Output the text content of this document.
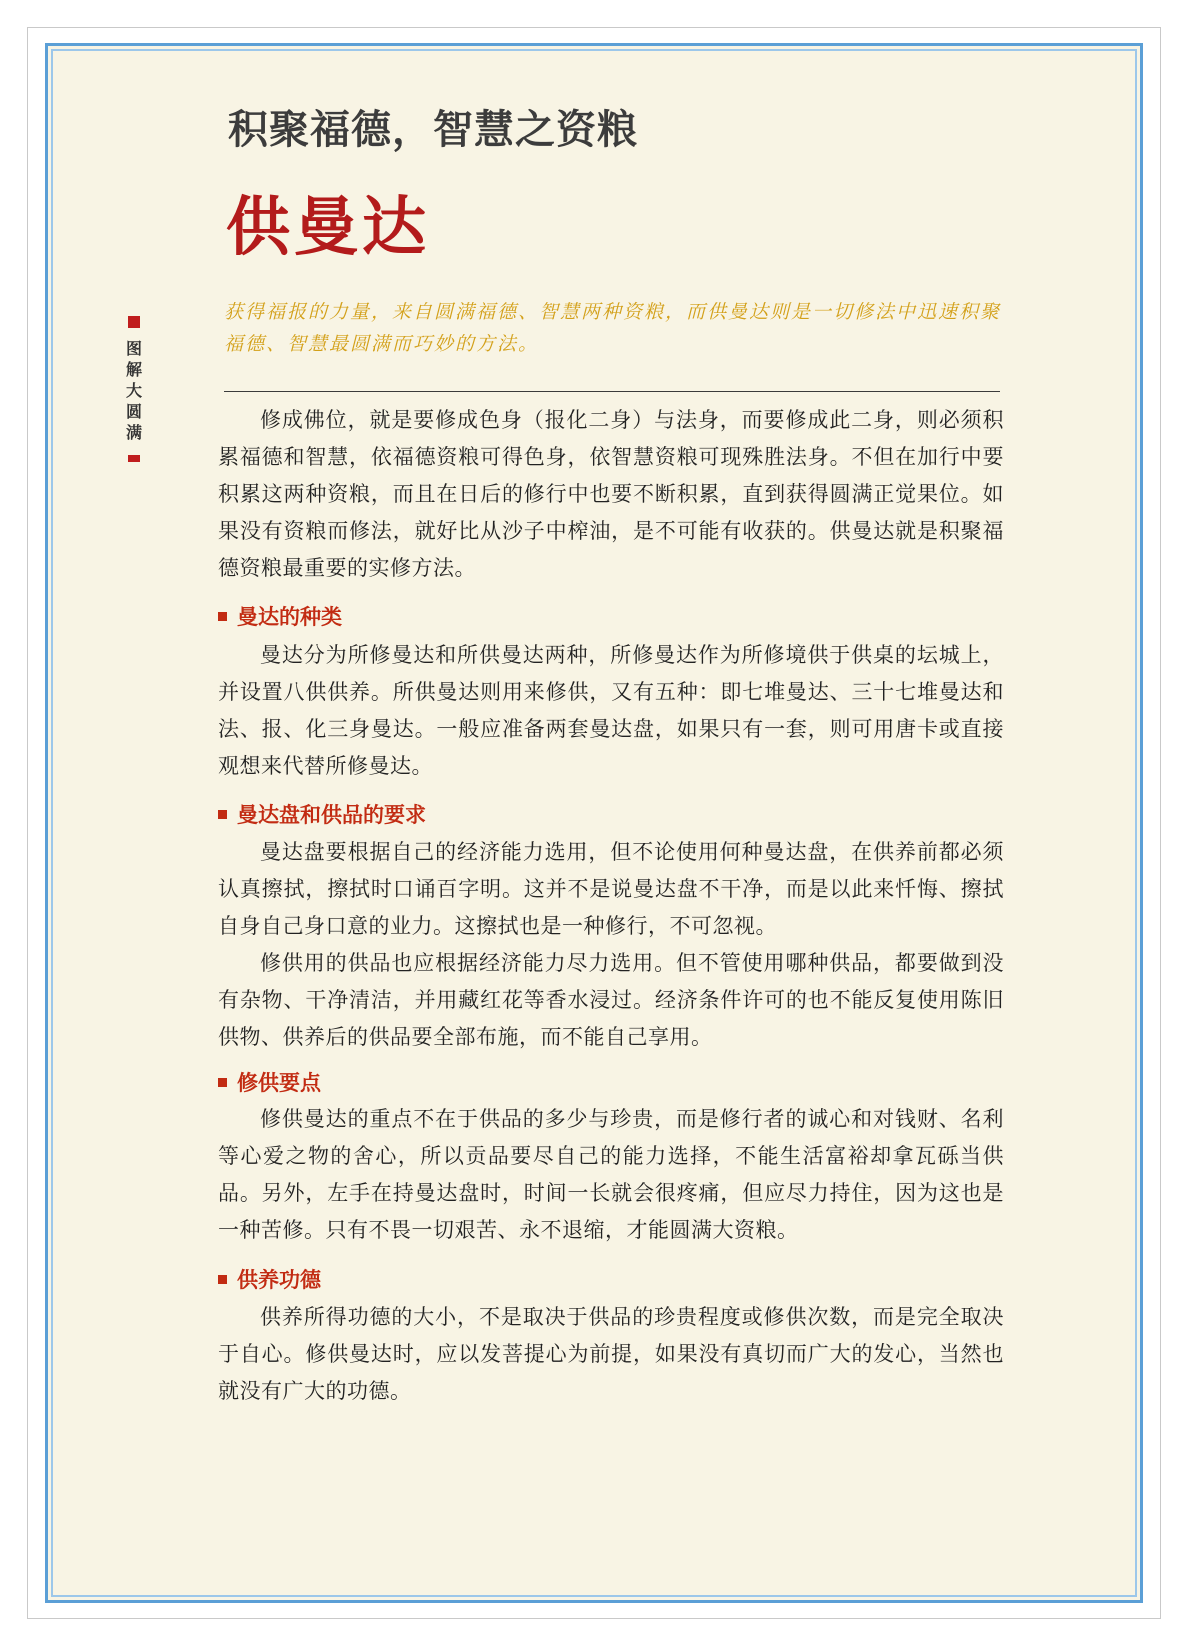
积聚福德，智慧之资粮
供曼达
获得福报的力量，来自圆满福德、智慧两种资粮，而供曼达则是一切修法中迅速积聚福德、智慧最圆满而巧妙的方法。
图解大圆满

修成佛位，就是要修成色身（报化二身）与法身，而要修成此二身，则必须积累福德和智慧，依福德资粮可得色身，依智慧资粮可现殊胜法身。不但在加行中要积累这两种资粮，而且在日后的修行中也要不断积累，直到获得圆满正觉果位。如果没有资粮而修法，就好比从沙子中榨油，是不可能有收获的。供曼达就是积聚福德资粮最重要的实修方法。

曼达的种类

曼达分为所修曼达和所供曼达两种，所修曼达作为所修境供于供桌的坛城上，并设置八供供养。所供曼达则用来修供，又有五种：即七堆曼达、三十七堆曼达和法、报、化三身曼达。一般应准备两套曼达盘，如果只有一套，则可用唐卡或直接观想来代替所修曼达。

曼达盘和供品的要求

曼达盘要根据自己的经济能力选用，但不论使用何种曼达盘，在供养前都必须认真擦拭，擦拭时口诵百字明。这并不是说曼达盘不干净，而是以此来忏悔、擦拭自身自己身口意的业力。这擦拭也是一种修行，不可忽视。

修供用的供品也应根据经济能力尽力选用。但不管使用哪种供品，都要做到没有杂物、干净清洁，并用藏红花等香水浸过。经济条件许可的也不能反复使用陈旧供物、供养后的供品要全部布施，而不能自己享用。

修供要点

修供曼达的重点不在于供品的多少与珍贵，而是修行者的诚心和对钱财、名利等心爱之物的舍心，所以贡品要尽自己的能力选择，不能生活富裕却拿瓦砾当供品。另外，左手在持曼达盘时，时间一长就会很疼痛，但应尽力持住，因为这也是一种苦修。只有不畏一切艰苦、永不退缩，才能圆满大资粮。

供养功德

供养所得功德的大小，不是取决于供品的珍贵程度或修供次数，而是完全取决于自心。修供曼达时，应以发菩提心为前提，如果没有真切而广大的发心，当然也就没有广大的功德。
